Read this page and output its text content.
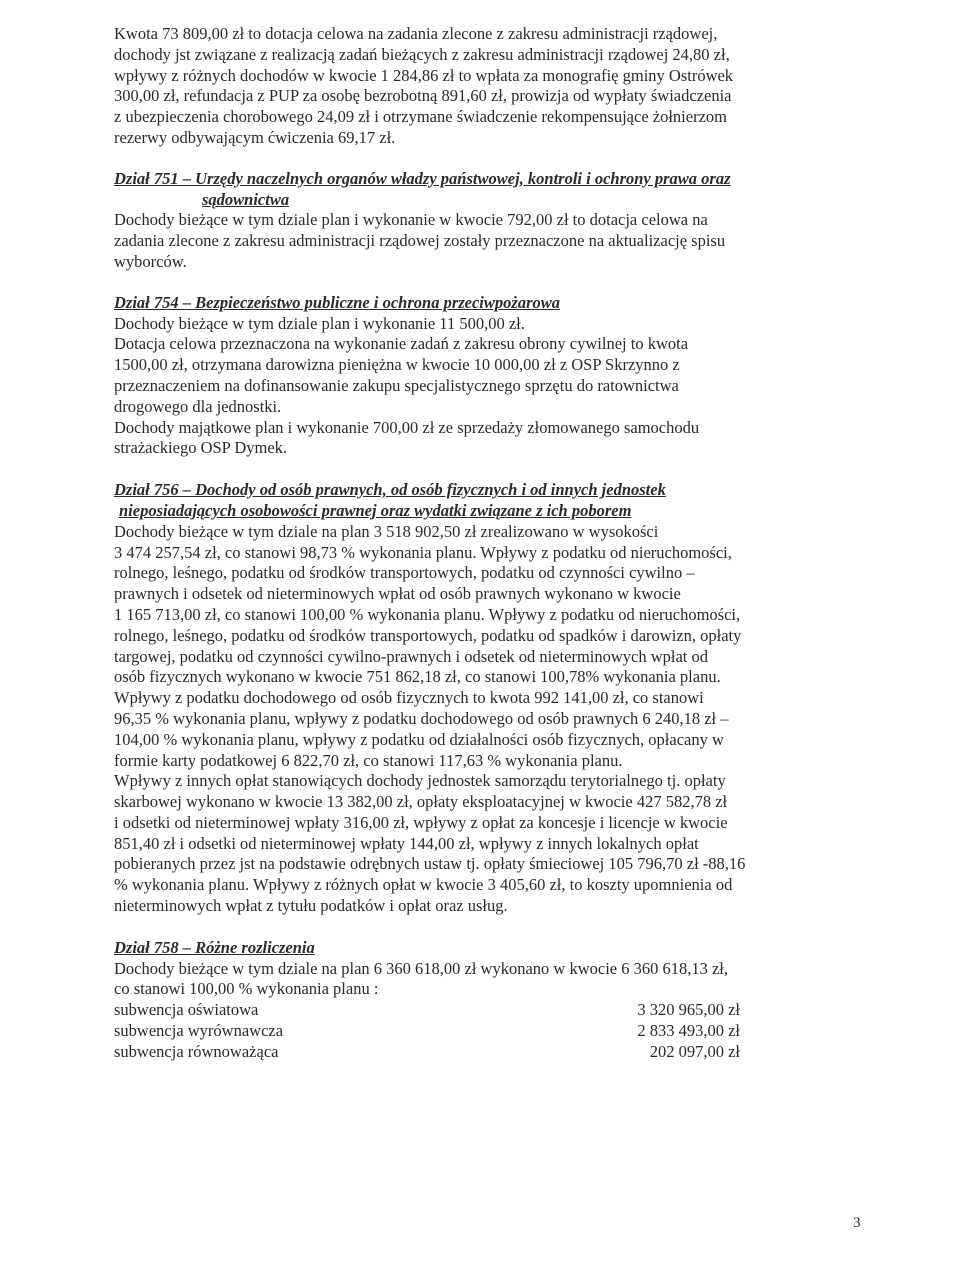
Kwota 73 809,00 zł to dotacja celowa na zadania zlecone z zakresu administracji rządowej,
dochody jst związane z realizacją zadań bieżących z zakresu administracji rządowej 24,80 zł,
wpływy z różnych dochodów w kwocie 1 284,86 zł to wpłata za monografię gminy Ostrówek
300,00 zł, refundacja z PUP za osobę bezrobotną 891,60 zł, prowizja od wypłaty świadczenia
z ubezpieczenia chorobowego 24,09 zł i otrzymane świadczenie rekompensujące żołnierzom
rezerwy odbywającym ćwiczenia 69,17 zł.

Dział 751 – Urzędy naczelnych organów władzy państwowej, kontroli i ochrony prawa oraz
sądownictwa

Dochody bieżące w tym dziale plan i wykonanie w kwocie 792,00 zł to dotacja celowa na
zadania zlecone z zakresu administracji rządowej zostały przeznaczone na aktualizację spisu
wyborców.

Dział 754 – Bezpieczeństwo publiczne i ochrona przeciwpożarowa

Dochody bieżące w tym dziale plan i wykonanie 11 500,00 zł.
Dotacja celowa przeznaczona na wykonanie zadań z zakresu obrony cywilnej to kwota
1500,00 zł, otrzymana darowizna pieniężna w kwocie 10 000,00 zł z OSP Skrzynno z
przeznaczeniem na dofinansowanie zakupu specjalistycznego sprzętu do ratownictwa
drogowego dla jednostki.
Dochody majątkowe plan i wykonanie 700,00 zł ze sprzedaży złomowanego samochodu
strażackiego OSP Dymek.

Dział 756 – Dochody od osób prawnych, od osób fizycznych i od innych jednostek
nieposiadających osobowości prawnej oraz wydatki związane z ich poborem

Dochody bieżące w tym dziale na plan 3 518 902,50 zł zrealizowano w wysokości
3 474 257,54 zł, co stanowi 98,73 % wykonania planu. Wpływy z podatku od nieruchomości,
rolnego, leśnego, podatku od środków transportowych, podatku od czynności cywilno –
prawnych i odsetek od nieterminowych wpłat od osób prawnych wykonano w kwocie
1 165 713,00 zł, co stanowi 100,00 % wykonania planu. Wpływy z podatku od nieruchomości,
rolnego, leśnego, podatku od środków transportowych, podatku od spadków i darowizn, opłaty
targowej, podatku od czynności cywilno-prawnych i odsetek od nieterminowych wpłat od
osób fizycznych wykonano w kwocie 751 862,18 zł, co stanowi 100,78% wykonania planu.
Wpływy z podatku dochodowego od osób fizycznych to kwota 992 141,00 zł, co stanowi
96,35 % wykonania planu, wpływy z podatku dochodowego od osób prawnych 6 240,18 zł –
104,00 % wykonania planu, wpływy z podatku od działalności osób fizycznych, opłacany w
formie karty podatkowej 6 822,70 zł, co stanowi 117,63 % wykonania planu.
Wpływy z innych opłat stanowiących dochody jednostek samorządu terytorialnego tj. opłaty
skarbowej wykonano w kwocie 13 382,00 zł, opłaty eksploatacyjnej w kwocie 427 582,78 zł
i odsetki od nieterminowej wpłaty 316,00 zł, wpływy z opłat za koncesje i licencje w kwocie
851,40 zł i odsetki od nieterminowej wpłaty 144,00 zł, wpływy z innych lokalnych opłat
pobieranych przez jst na podstawie odrębnych ustaw tj. opłaty śmieciowej 105 796,70 zł -88,16
% wykonania planu. Wpływy z różnych opłat w kwocie 3 405,60 zł, to koszty upomnienia od
nieterminowych wpłat z tytułu podatków i opłat oraz usług.

Dział 758 – Różne rozliczenia

Dochody bieżące w tym dziale na plan 6 360 618,00 zł wykonano w kwocie 6 360 618,13 zł,
co stanowi 100,00 % wykonania planu :

subwencja oświatowa	3 320 965,00 zł
subwencja wyrównawcza	2 833 493,00 zł
subwencja równoważąca	202 097,00 zł
3
